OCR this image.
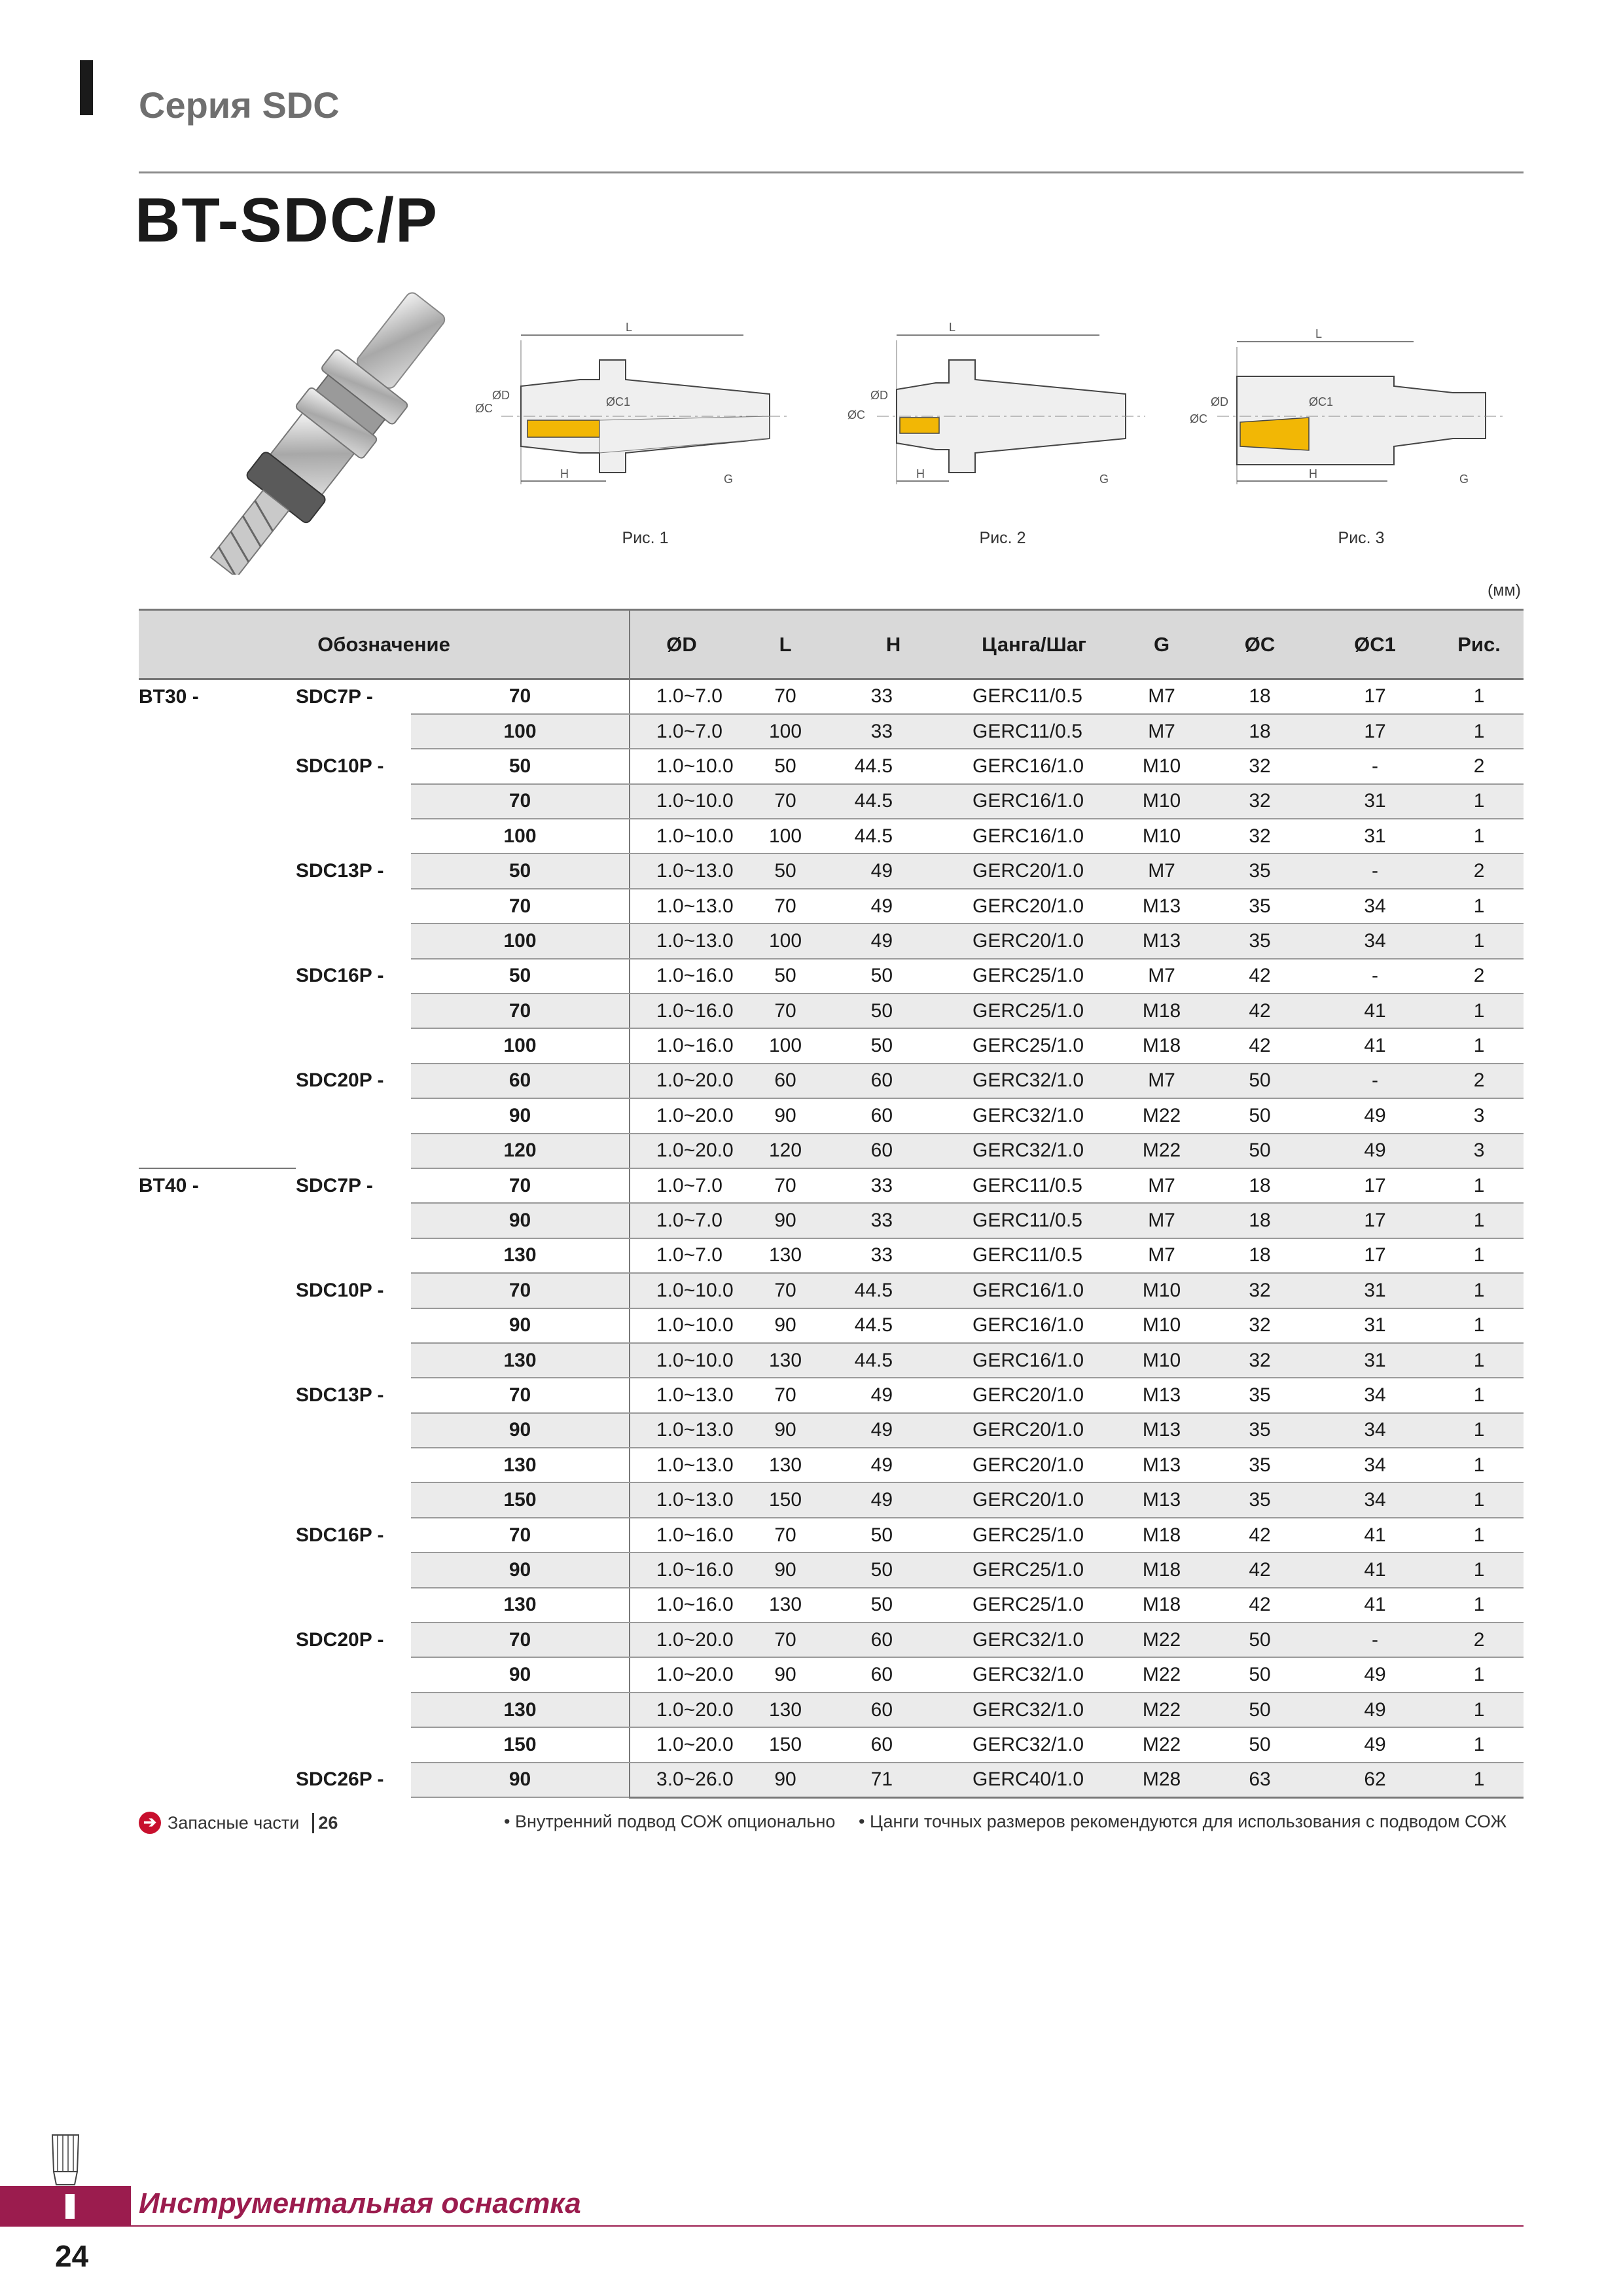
Серия SDC
BT-SDC/P
L
ØC
ØD	ØC1
H	G
L
ØC
ØD
H	G
L
ØC
ØD	ØC1
H	G
Рис. 1	Рис. 2	Рис. 3
(мм)
Обозначение			ØD	L	H	Цанга/Шаг	G	ØC	ØC1	Рис.
BT30 -	SDC7P -	70	1.0~7.0	70	33	GERC11/0.5	M7	18	17	1
		100	1.0~7.0	100	33	GERC11/0.5	M7	18	17	1
	SDC10P -	50	1.0~10.0	50	44.5	GERC16/1.0	M10	32	-	2
		70	1.0~10.0	70	44.5	GERC16/1.0	M10	32	31	1
		100	1.0~10.0	100	44.5	GERC16/1.0	M10	32	31	1
	SDC13P -	50	1.0~13.0	50	49	GERC20/1.0	M7	35	-	2
		70	1.0~13.0	70	49	GERC20/1.0	M13	35	34	1
		100	1.0~13.0	100	49	GERC20/1.0	M13	35	34	1
	SDC16P -	50	1.0~16.0	50	50	GERC25/1.0	M7	42	-	2
		70	1.0~16.0	70	50	GERC25/1.0	M18	42	41	1
		100	1.0~16.0	100	50	GERC25/1.0	M18	42	41	1
	SDC20P -	60	1.0~20.0	60	60	GERC32/1.0	M7	50	-	2
		90	1.0~20.0	90	60	GERC32/1.0	M22	50	49	3
		120	1.0~20.0	120	60	GERC32/1.0	M22	50	49	3
BT40 -	SDC7P -	70	1.0~7.0	70	33	GERC11/0.5	M7	18	17	1
		90	1.0~7.0	90	33	GERC11/0.5	M7	18	17	1
		130	1.0~7.0	130	33	GERC11/0.5	M7	18	17	1
	SDC10P -	70	1.0~10.0	70	44.5	GERC16/1.0	M10	32	31	1
		90	1.0~10.0	90	44.5	GERC16/1.0	M10	32	31	1
		130	1.0~10.0	130	44.5	GERC16/1.0	M10	32	31	1
	SDC13P -	70	1.0~13.0	70	49	GERC20/1.0	M13	35	34	1
		90	1.0~13.0	90	49	GERC20/1.0	M13	35	34	1
		130	1.0~13.0	130	49	GERC20/1.0	M13	35	34	1
		150	1.0~13.0	150	49	GERC20/1.0	M13	35	34	1
	SDC16P -	70	1.0~16.0	70	50	GERC25/1.0	M18	42	41	1
		90	1.0~16.0	90	50	GERC25/1.0	M18	42	41	1
		130	1.0~16.0	130	50	GERC25/1.0	M18	42	41	1
	SDC20P -	70	1.0~20.0	70	60	GERC32/1.0	M22	50	-	2
		90	1.0~20.0	90	60	GERC32/1.0	M22	50	49	1
		130	1.0~20.0	130	60	GERC32/1.0	M22	50	49	1
		150	1.0~20.0	150	60	GERC32/1.0	M22	50	49	1
	SDC26P -	90	3.0~26.0	90	71	GERC40/1.0	M28	63	62	1
➔ Запасные части	26	• Внутренний подвод СОЖ опционально • Цанги точных размеров рекомендуются для использования с подводом СОЖ
Инструментальная оснастка
24
